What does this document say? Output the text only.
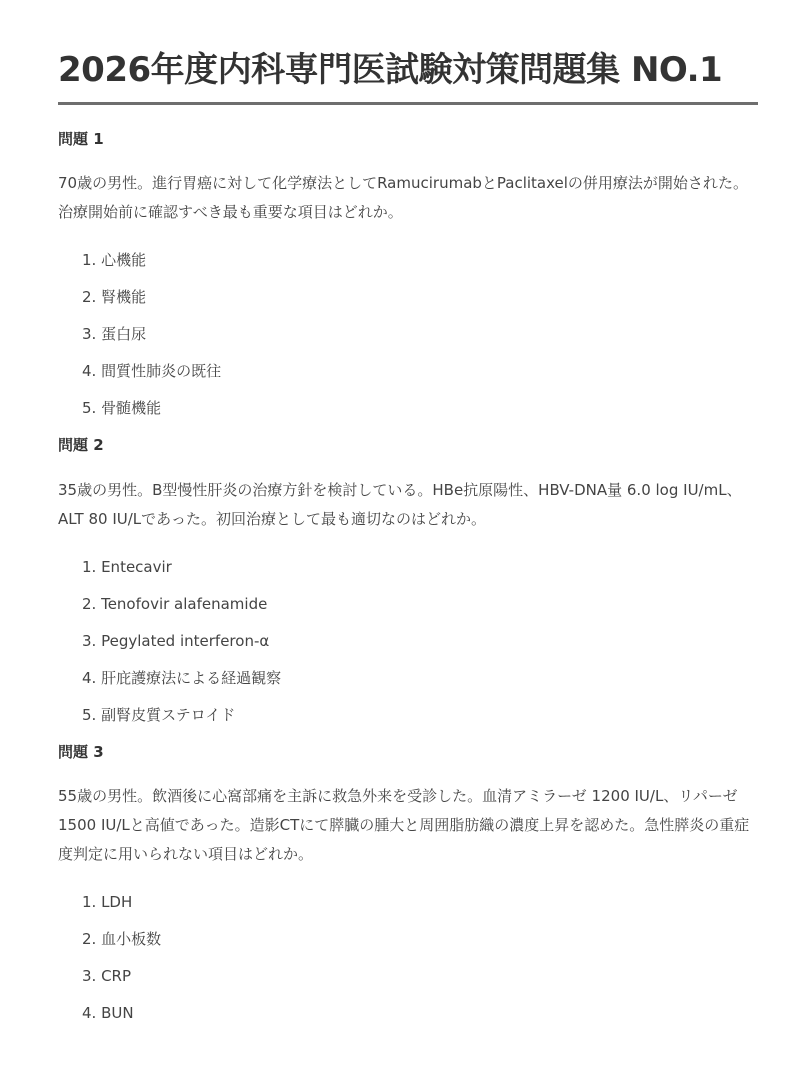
2026年度内科専門医試験対策問題集 NO.1

問題 1

70歳の男性。進行胃癌に対して化学療法としてRamucirumabとPaclitaxelの併用療法が開始された。治療開始前に確認すべき最も重要な項目はどれか。

1. 心機能
2. 腎機能
3. 蛋白尿
4. 間質性肺炎の既往
5. 骨髄機能

問題 2

35歳の男性。B型慢性肝炎の治療方針を検討している。HBe抗原陽性、HBV-DNA量 6.0 log IU/mL、ALT 80 IU/Lであった。初回治療として最も適切なのはどれか。

1. Entecavir
2. Tenofovir alafenamide
3. Pegylated interferon-α
4. 肝庇護療法による経過観察
5. 副腎皮質ステロイド

問題 3

55歳の男性。飲酒後に心窩部痛を主訴に救急外来を受診した。血清アミラーゼ 1200 IU/L、リパーゼ 1500 IU/Lと高値であった。造影CTにて膵臓の腫大と周囲脂肪織の濃度上昇を認めた。急性膵炎の重症度判定に用いられない項目はどれか。

1. LDH
2. 血小板数
3. CRP
4. BUN
